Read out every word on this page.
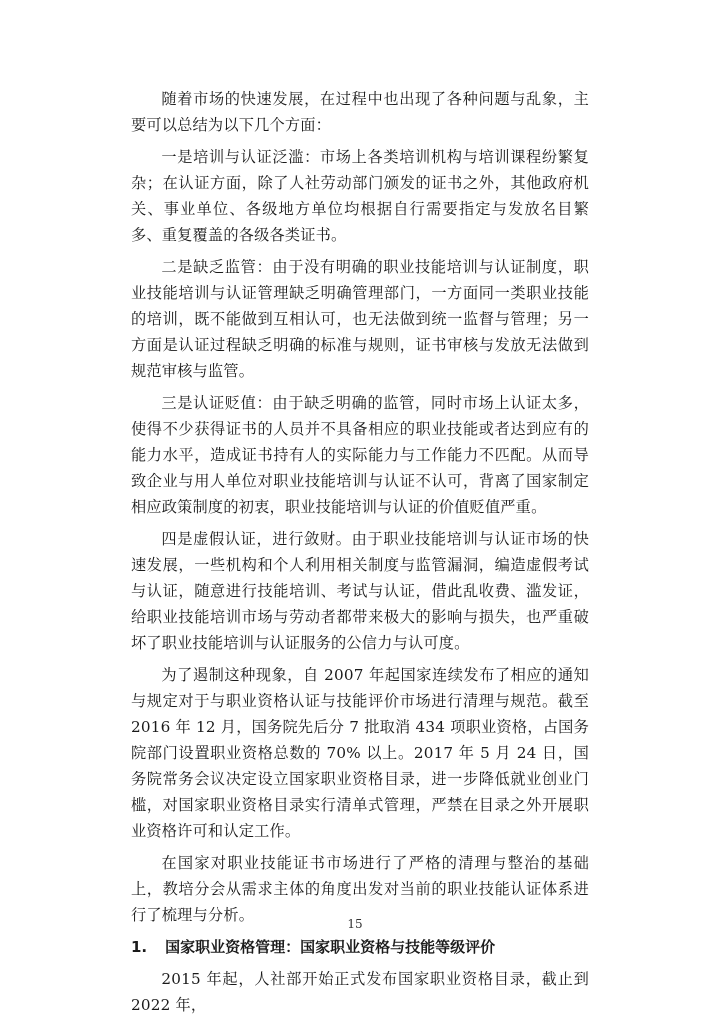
随着市场的快速发展，在过程中也出现了各种问题与乱象，主要可以总结为以下几个方面：

一是培训与认证泛滥：市场上各类培训机构与培训课程纷繁复杂；在认证方面，除了人社劳动部门颁发的证书之外，其他政府机关、事业单位、各级地方单位均根据自行需要指定与发放名目繁多、重复覆盖的各级各类证书。

二是缺乏监管：由于没有明确的职业技能培训与认证制度，职业技能培训与认证管理缺乏明确管理部门，一方面同一类职业技能的培训，既不能做到互相认可，也无法做到统一监督与管理；另一方面是认证过程缺乏明确的标准与规则，证书审核与发放无法做到规范审核与监管。

三是认证贬值：由于缺乏明确的监管，同时市场上认证太多，使得不少获得证书的人员并不具备相应的职业技能或者达到应有的能力水平，造成证书持有人的实际能力与工作能力不匹配。从而导致企业与用人单位对职业技能培训与认证不认可，背离了国家制定相应政策制度的初衷，职业技能培训与认证的价值贬值严重。

四是虚假认证，进行敛财。由于职业技能培训与认证市场的快速发展，一些机构和个人利用相关制度与监管漏洞，编造虚假考试与认证，随意进行技能培训、考试与认证，借此乱收费、滥发证，给职业技能培训市场与劳动者都带来极大的影响与损失，也严重破坏了职业技能培训与认证服务的公信力与认可度。

为了遏制这种现象，自 2007 年起国家连续发布了相应的通知与规定对于与职业资格认证与技能评价市场进行清理与规范。截至 2016 年 12 月，国务院先后分 7 批取消 434 项职业资格，占国务院部门设置职业资格总数的 70% 以上。2017 年 5 月 24 日，国务院常务会议决定设立国家职业资格目录，进一步降低就业创业门槛，对国家职业资格目录实行清单式管理，严禁在目录之外开展职业资格许可和认定工作。

在国家对职业技能证书市场进行了严格的清理与整治的基础上，教培分会从需求主体的角度出发对当前的职业技能认证体系进行了梳理与分析。

1. 国家职业资格管理：国家职业资格与技能等级评价

2015 年起，人社部开始正式发布国家职业资格目录，截止到 2022 年，

15
